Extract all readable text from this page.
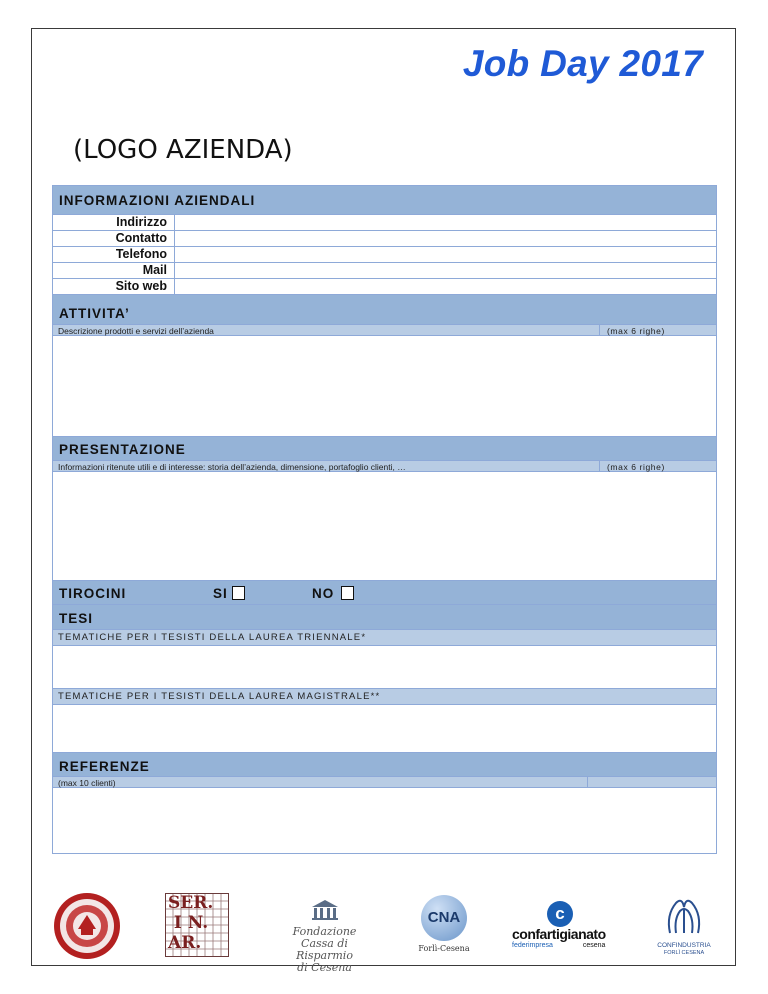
Job Day 2017
(LOGO AZIENDA)
INFORMAZIONI AZIENDALI
Indirizzo
Contatto
Telefono
Mail
Sito web
ATTIVITA’
Descrizione prodotti e servizi dell’azienda	(max 6 righe)
PRESENTAZIONE
Informazioni ritenute utili e di interesse: storia dell’azienda, dimensione, portafoglio clienti, …	(max 6 righe)
TIROCINI	SI	NO
TESI
TEMATICHE PER I TESISTI DELLA LAUREA TRIENNALE*
TEMATICHE PER I TESISTI DELLA LAUREA MAGISTRALE**
REFERENZE
(max 10 clienti)
SER.
I N.
AR.
Fondazione
Cassa di Risparmio
di Cesena
CNA
Forlì-Cesena
c
confartigianato
federimpresa	cesena	CONFINDUSTRIA
FORLÌ CESENA
